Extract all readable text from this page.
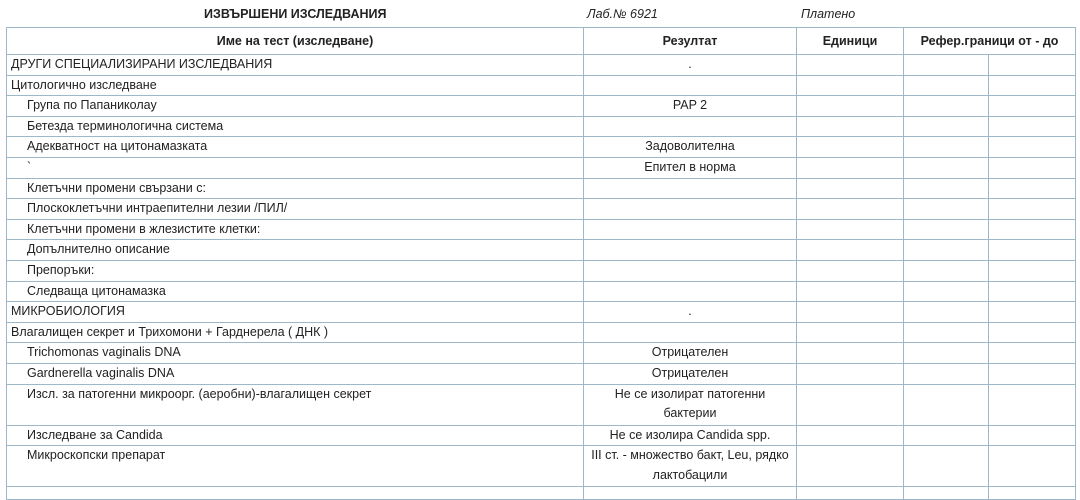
ИЗВЪРШЕНИ ИЗСЛЕДВАНИЯ	Лаб.№ 6921	Платено
Име на тест (изследване)	Резултат	Единици	Рефер.граници от - до	
ДРУГИ СПЕЦИАЛИЗИРАНИ ИЗСЛЕДВАНИЯ	.			
Цитологично изследване				
Група по Папаниколау	PAP 2			
Бетезда терминологична система				
Адекватност на цитонамазката	Задоволителна			
`	Епител в норма			
Клетъчни промени свързани с:				
Плоскоклетъчни интраепителни лезии /ПИЛ/				
Клетъчни промени в жлезистите клетки:				
Допълнително описание				
Препоръки:				
Следваща цитонамазка				
МИКРОБИОЛОГИЯ	.			
Влагалищен секрет и Трихомони + Гарднерела ( ДНК )				
Trichomonas vaginalis DNA	Отрицателен			
Gardnerella vaginalis DNA	Отрицателен			
Изсл. за патогенни микроорг. (аеробни)-влагалищен секрет	Не се изолират патогенни бактерии			
Изследване за Candida	Не се изолира Candida spp.			
Микроскопски препарат	III ст. - множество бакт, Leu, рядко лактобацили			
